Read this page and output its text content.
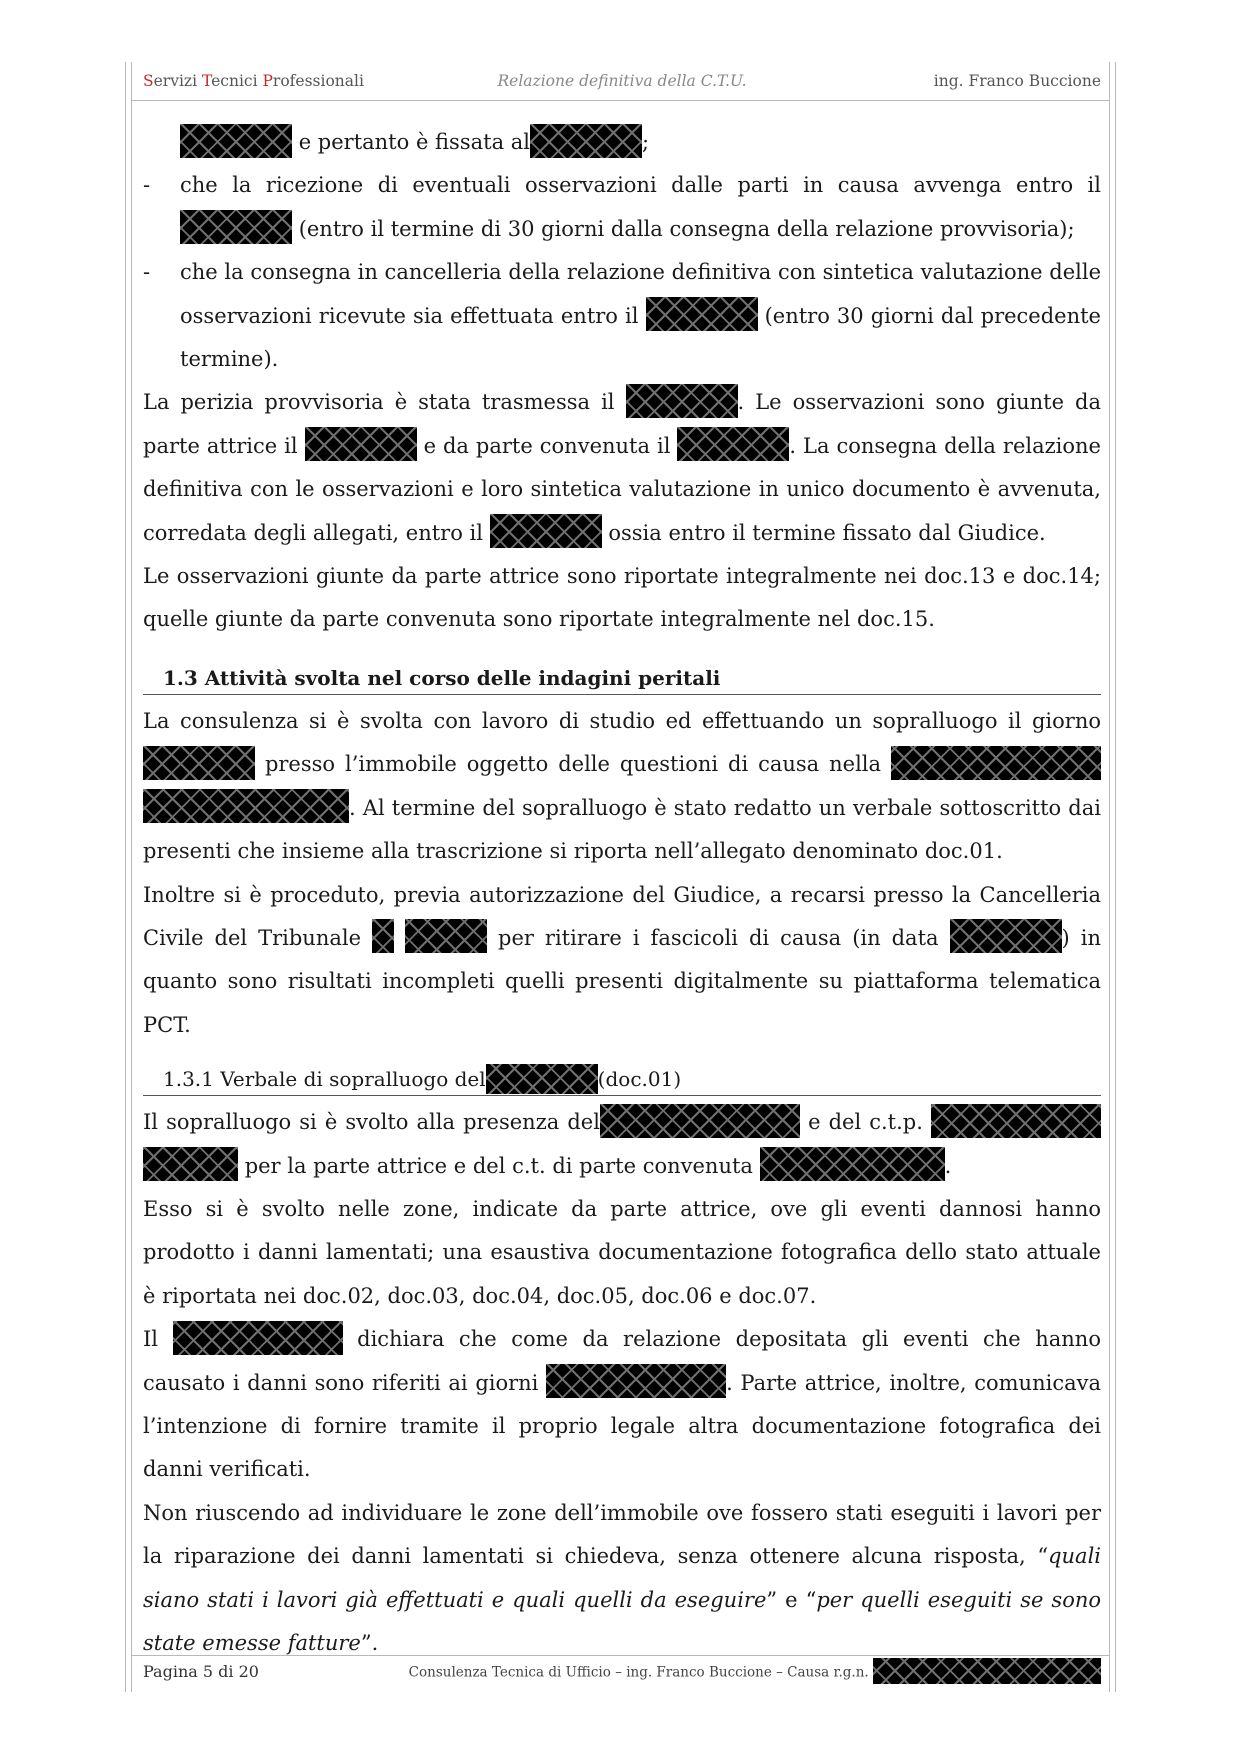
Servizi Tecnici Professionali	Relazione definitiva della C.T.U.	ing. Franco Buccione

e pertanto è fissata al	;

- che la ricezione di eventuali osservazioni dalle parti in causa avvenga entro il  (entro il termine di 30 giorni dalla consegna della relazione provvisoria);
- che la consegna in cancelleria della relazione definitiva con sintetica valutazione delle osservazioni ricevute sia effettuata entro il	(entro 30 giorni dal precedente termine).

La perizia provvisoria è stata trasmessa il	. Le osservazioni sono giunte da parte attrice il	e da parte convenuta il	. La consegna della relazione definitiva con le osservazioni e loro sintetica valutazione in unico documento è avvenuta, corredata degli allegati, entro il	ossia entro il termine fissato dal Giudice.

Le osservazioni giunte da parte attrice sono riportate integralmente nei doc.13 e doc.14; quelle giunte da parte convenuta sono riportate integralmente nel doc.15.

1.3 Attività svolta nel corso delle indagini peritali

La consulenza si è svolta con lavoro di studio ed effettuando un sopralluogo il giorno  presso l’immobile oggetto delle questioni di causa nella  . Al termine del sopralluogo è stato redatto un verbale sottoscritto dai presenti che insieme alla trascrizione si riporta nell’allegato denominato doc.01.

Inoltre si è proceduto, previa autorizzazione del Giudice, a recarsi presso la Cancelleria Civile del Tribunale	per ritirare i fascicoli di causa (in data	) in quanto sono risultati incompleti quelli presenti digitalmente su piattaforma telematica PCT.

1.3.1 Verbale di sopralluogo del	(doc.01)

Il sopralluogo si è svolto alla presenza del	e del c.t.p.   per la parte attrice e del c.t. di parte convenuta	.

Esso si è svolto nelle zone, indicate da parte attrice, ove gli eventi dannosi hanno prodotto i danni lamentati; una esaustiva documentazione fotografica dello stato attuale è riportata nei doc.02, doc.03, doc.04, doc.05, doc.06 e doc.07.

Il	dichiara che come da relazione depositata gli eventi che hanno causato i danni sono riferiti ai giorni	. Parte attrice, inoltre, comunicava l’intenzione di fornire tramite il proprio legale altra documentazione fotografica dei danni verificati.

Non riuscendo ad individuare le zone dell’immobile ove fossero stati eseguiti i lavori per la riparazione dei danni lamentati si chiedeva, senza ottenere alcuna risposta, “quali siano stati i lavori già effettuati e quali quelli da eseguire” e “per quelli eseguiti se sono state emesse fatture”.

Pagina 5 di 20	Consulenza Tecnica di Ufficio – ing. Franco Buccione – Causa r.g.n.
